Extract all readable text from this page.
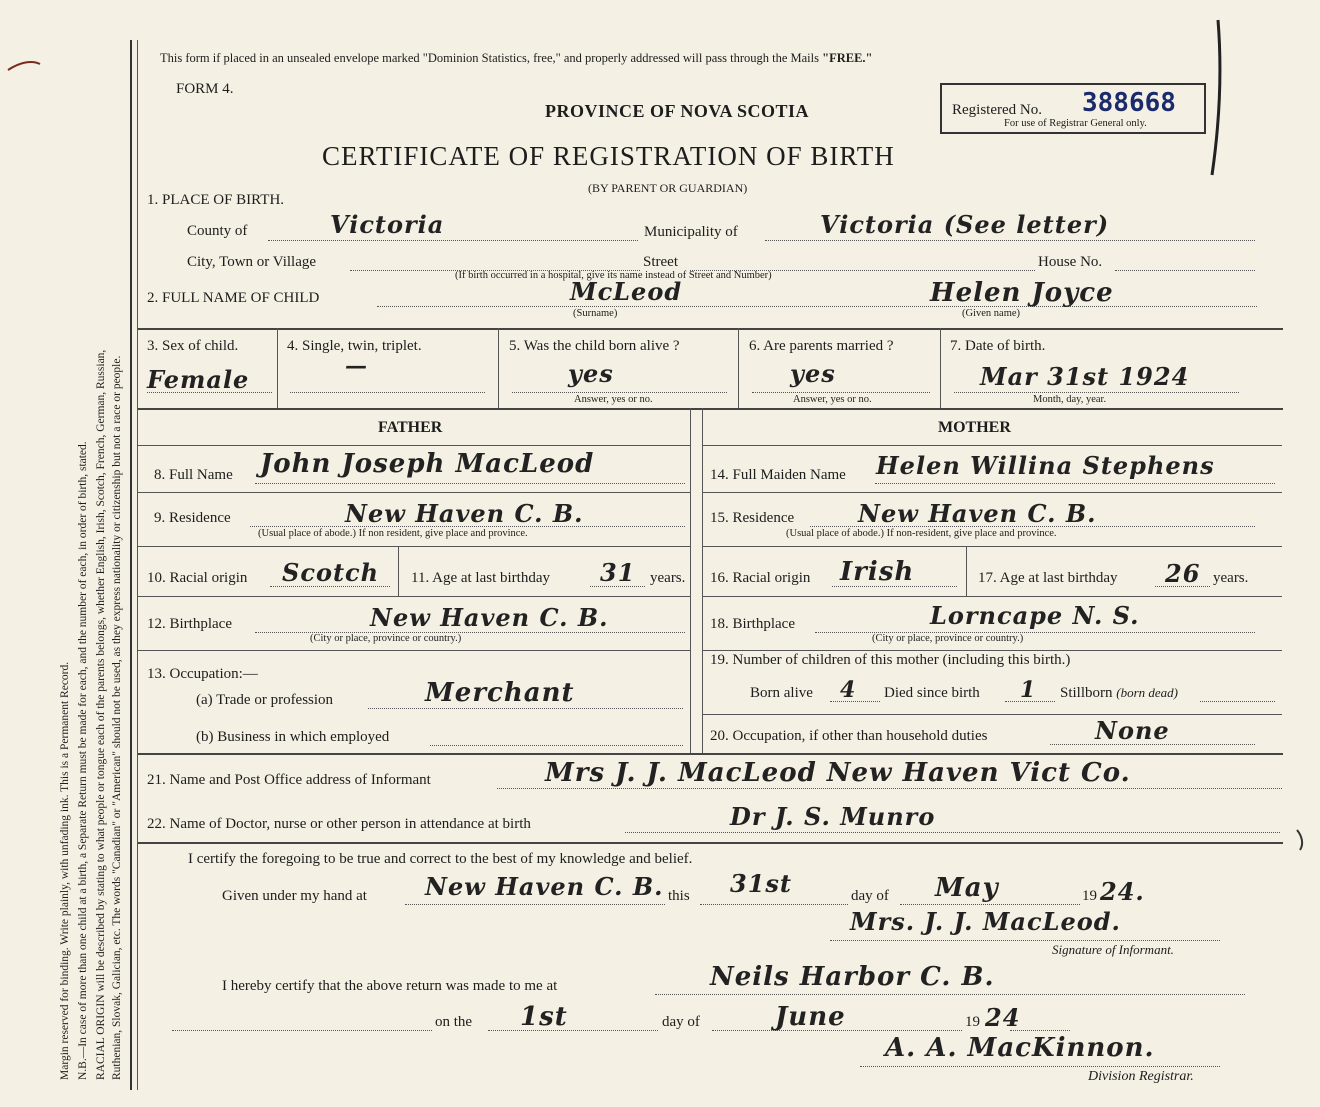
Margin reserved for binding. Write plainly, with unfading ink. This is a Permanent Record. N.B.—In case of more than one child at a birth, a Separate Return must be made for each, and the number of each, in order of birth, stated. RACIAL ORIGIN will be described by stating to what people or tongue each of the parents belongs, whether English, Irish, Scotch, French, German, Russian, Ruthenian, Slovak, Galician, etc. The words "Canadian" or "American" should not be used, as they express nationality or citizenship but not a race or people.
This form if placed in an unsealed envelope marked "Dominion Statistics, free," and properly addressed will pass through the Mails "FREE."
FORM 4.
PROVINCE OF NOVA SCOTIA	Registered No. 388668
For use of Registrar General only.
CERTIFICATE OF REGISTRATION OF BIRTH
(BY PARENT OR GUARDIAN)
1. PLACE OF BIRTH.
County of	Victoria	Municipality of	Victoria (See letter)
City, Town or Village	Street	House No.
(If birth occurred in a hospital, give its name instead of Street and Number)
2. FULL NAME OF CHILD	McLeod
(Surname)
Helen Joyce
(Given name)
3. Sex of child.
Female
4. Single, twin, triplet.
—
5. Was the child born alive ?
yes
Answer, yes or no.
6. Are parents married ?
yes
Answer, yes or no.
7. Date of birth.
Mar 31st 1924
Month, day, year.
FATHER	MOTHER
8. Full Name John Joseph MacLeod
9. Residence	New Haven C. B.
(Usual place of abode.) If non resident, give place and province.
10. Racial origin Scotch 11. Age at last birthday 31 years.
12. Birthplace	New Haven C. B.
(City or place, province or country.)
13. Occupation:—
(a) Trade or profession	Merchant
(b) Business in which employed
14. Full Maiden Name Helen Willina Stephens
15. Residence	New Haven C. B.
(Usual place of abode.) If non-resident, give place and province.
16. Racial origin Irish	17. Age at last birthday 26 years.
18. Birthplace	Lorncape N. S.
(City or place, province or country.)
19. Number of children of this mother (including this birth.)
Born alive 4 Died since birth 1 Stillborn (born dead)
20. Occupation, if other than household duties	None
21. Name and Post Office address of Informant	Mrs J. J. MacLeod New Haven Vict Co.
22. Name of Doctor, nurse or other person in attendance at birth	Dr J. S. Munro
I certify the foregoing to be true and correct to the best of my knowledge and belief.
Given under my hand at New Haven C. B. this 31st	day of May	19 24.
Mrs. J. J. MacLeod.
Signature of Informant.
I hereby certify that the above return was made to me at	Neils Harbor C. B.
on the 1st	day of	June	19 24
A. A. MacKinnon.
Division Registrar.
